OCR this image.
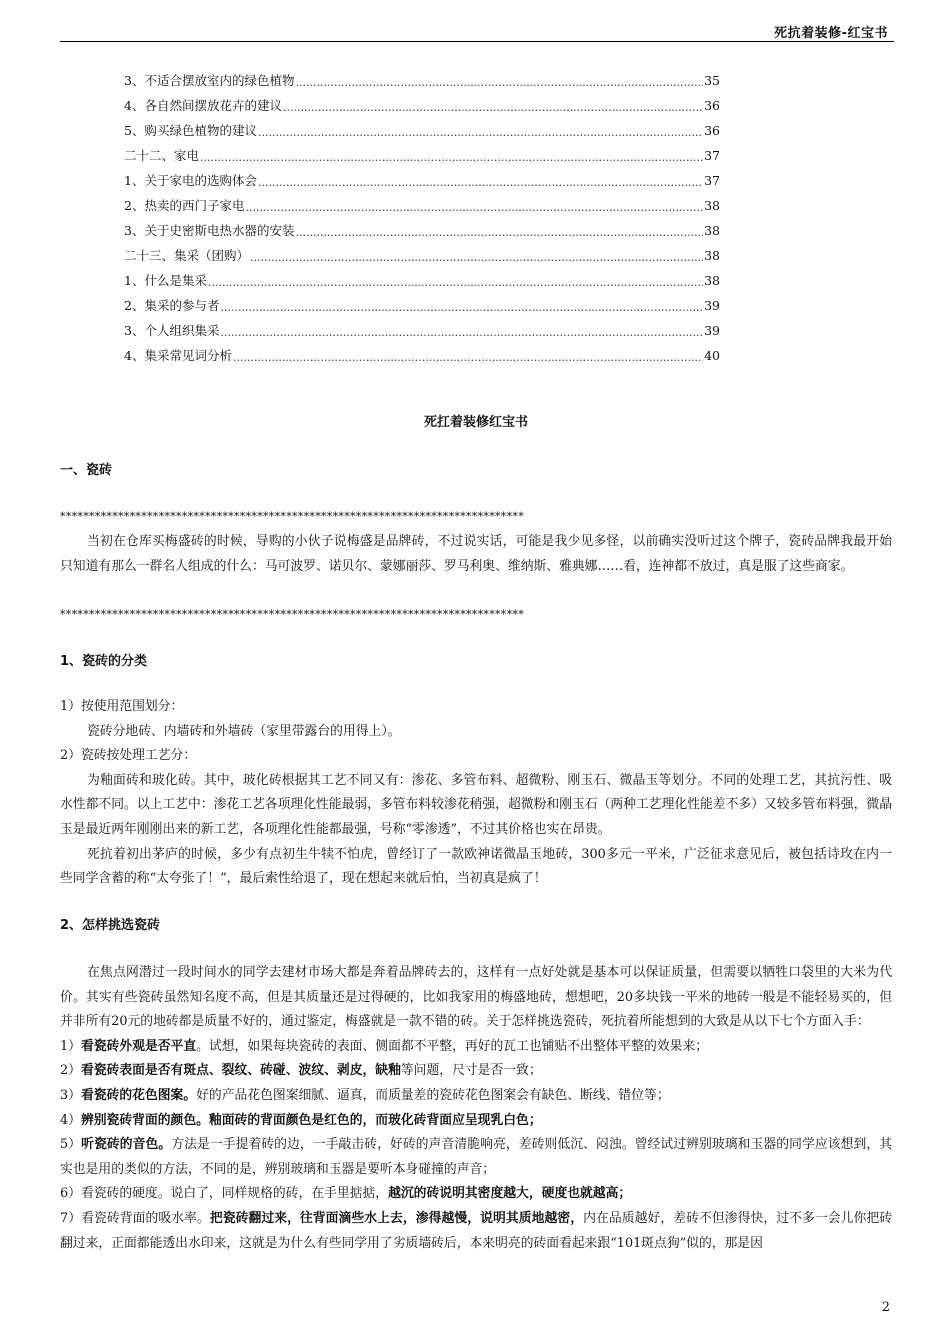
死抗着装修-红宝书
3、不适合摆放室内的绿色植物 .....	35
4、各自然间摆放花卉的建议 .....	36
5、购买绿色植物的建议 .....	36
二十二、家电 .....	37
1、关于家电的选购体会 .....	37
2、热卖的西门子家电 .....	38
3、关于史密斯电热水器的安装 .....	38
二十三、集采（团购） .....	38
1、什么是集采 .....	38
2、集采的参与者 .....	39
3、个人组织集采 .....	39
4、集采常见词分析 .....	40
死扛着装修红宝书
一、瓷砖
********************************************************************************
当初在仓库买梅盛砖的时候，导购的小伙子说梅盛是品牌砖，不过说实话，可能是我少见多怪，以前确实没听过这个牌子，瓷砖品牌我最开始只知道有那么一群名人组成的什么：马可波罗、诺贝尔、蒙娜丽莎、罗马利奥、维纳斯、雅典娜……看，连神都不放过，真是服了这些商家。
********************************************************************************
1、瓷砖的分类
1）按使用范围划分：
瓷砖分地砖、内墙砖和外墙砖（家里带露台的用得上）。
2）瓷砖按处理工艺分：
为釉面砖和玻化砖。其中，玻化砖根据其工艺不同又有：渗花、多管布料、超微粉、刚玉石、微晶玉等划分。不同的处理工艺，其抗污性、吸水性都不同。以上工艺中：渗花工艺各项理化性能最弱，多管布料较渗花稍强，超微粉和刚玉石（两种工艺理化性能差不多）又较多管布料强，微晶玉是最近两年刚刚出来的新工艺，各项理化性能都最强，号称“零渗透”，不过其价格也实在昂贵。
死抗着初出茅庐的时候，多少有点初生牛犊不怕虎，曾经订了一款欧神诺微晶玉地砖，300多元一平米，广泛征求意见后，被包括诗玫在内一些同学含蓄的称“太夸张了！”，最后索性给退了，现在想起来就后怕，当初真是疯了！
2、怎样挑选瓷砖
在焦点网潜过一段时间水的同学去建材市场大都是奔着品牌砖去的，这样有一点好处就是基本可以保证质量，但需要以牺牲口袋里的大米为代价。其实有些瓷砖虽然知名度不高，但是其质量还是过得硬的，比如我家用的梅盛地砖，想想吧，20多块钱一平米的地砖一般是不能轻易买的，但并非所有20元的地砖都是质量不好的，通过鉴定，梅盛就是一款不错的砖。关于怎样挑选瓷砖，死抗着所能想到的大致是从以下七个方面入手：
1）看瓷砖外观是否平直。试想，如果每块瓷砖的表面、侧面都不平整，再好的瓦工也铺贴不出整体平整的效果来；
2）看瓷砖表面是否有斑点、裂纹、砖碰、波纹、剥皮，缺釉等问题，尺寸是否一致；
3）看瓷砖的花色图案。好的产品花色图案细腻、逼真，而质量差的瓷砖花色图案会有缺色、断线、错位等；
4）辨别瓷砖背面的颜色。釉面砖的背面颜色是红色的，而玻化砖背面应呈现乳白色；
5）听瓷砖的音色。方法是一手提着砖的边，一手敲击砖，好砖的声音清脆响亮，差砖则低沉、闷浊。曾经试过辨别玻璃和玉器的同学应该想到，其实也是用的类似的方法，不同的是，辨别玻璃和玉器是要听本身碰撞的声音；
6）看瓷砖的硬度。说白了，同样规格的砖，在手里掂掂，越沉的砖说明其密度越大，硬度也就越高；
7）看瓷砖背面的吸水率。把瓷砖翻过来，往背面滴些水上去，渗得越慢，说明其质地越密，内在品质越好，差砖不但渗得快，过不多一会儿你把砖翻过来，正面都能透出水印来，这就是为什么有些同学用了劣质墙砖后，本来明亮的砖面看起来跟“101斑点狗”似的，那是因
2
